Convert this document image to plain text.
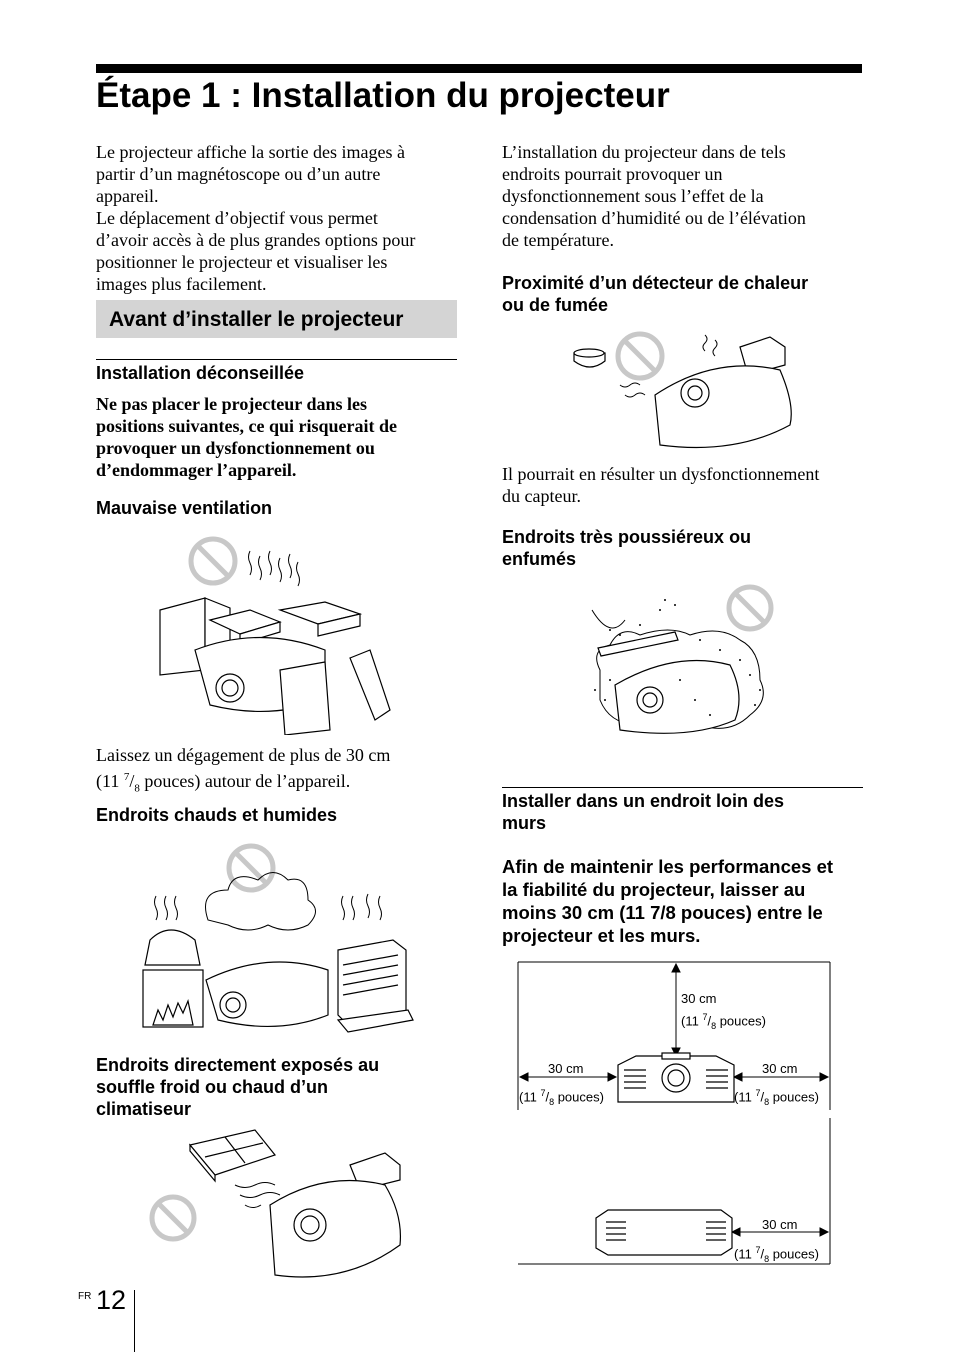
Étape 1 : Installation du projecteur
Le projecteur affiche la sortie des images à
partir d’un magnétoscope ou d’un autre
appareil.
Le déplacement d’objectif vous permet
d’avoir accès à de plus grandes options pour
positionner le projecteur et visualiser les
images plus facilement.
Avant d’installer le projecteur
Installation déconseillée
Ne pas placer le projecteur dans les
positions suivantes, ce qui risquerait de
provoquer un dysfonctionnement ou
d’endommager l’appareil.
Mauvaise ventilation
Laissez un dégagement de plus de 30 cm
(11 $^7/_8$ pouces) autour de l’appareil.
Endroits chauds et humides
Endroits directement exposés au
souffle froid ou chaud d’un
climatiseur
L’installation du projecteur dans de tels
endroits pourrait provoquer un
dysfonctionnement sous l’effet de la
condensation d’humidité ou de l’élévation
de température.
Proximité d’un détecteur de chaleur
ou de fumée
Il pourrait en résulter un dysfonctionnement
du capteur.
Endroits très poussiéreux ou
enfumés
Installer dans un endroit loin des
murs
Afin de maintenir les performances et
la fiabilité du projecteur, laisser au
moins 30 cm (11 7/8 pouces) entre le
projecteur et les murs.
30 cm
(11 $^7/_8$ pouces)
30 cm
(11 $^7/_8$ pouces)
30 cm
(11 $^7/_8$ pouces)
30 cm
(11 $^7/_8$ pouces)
FR 12
